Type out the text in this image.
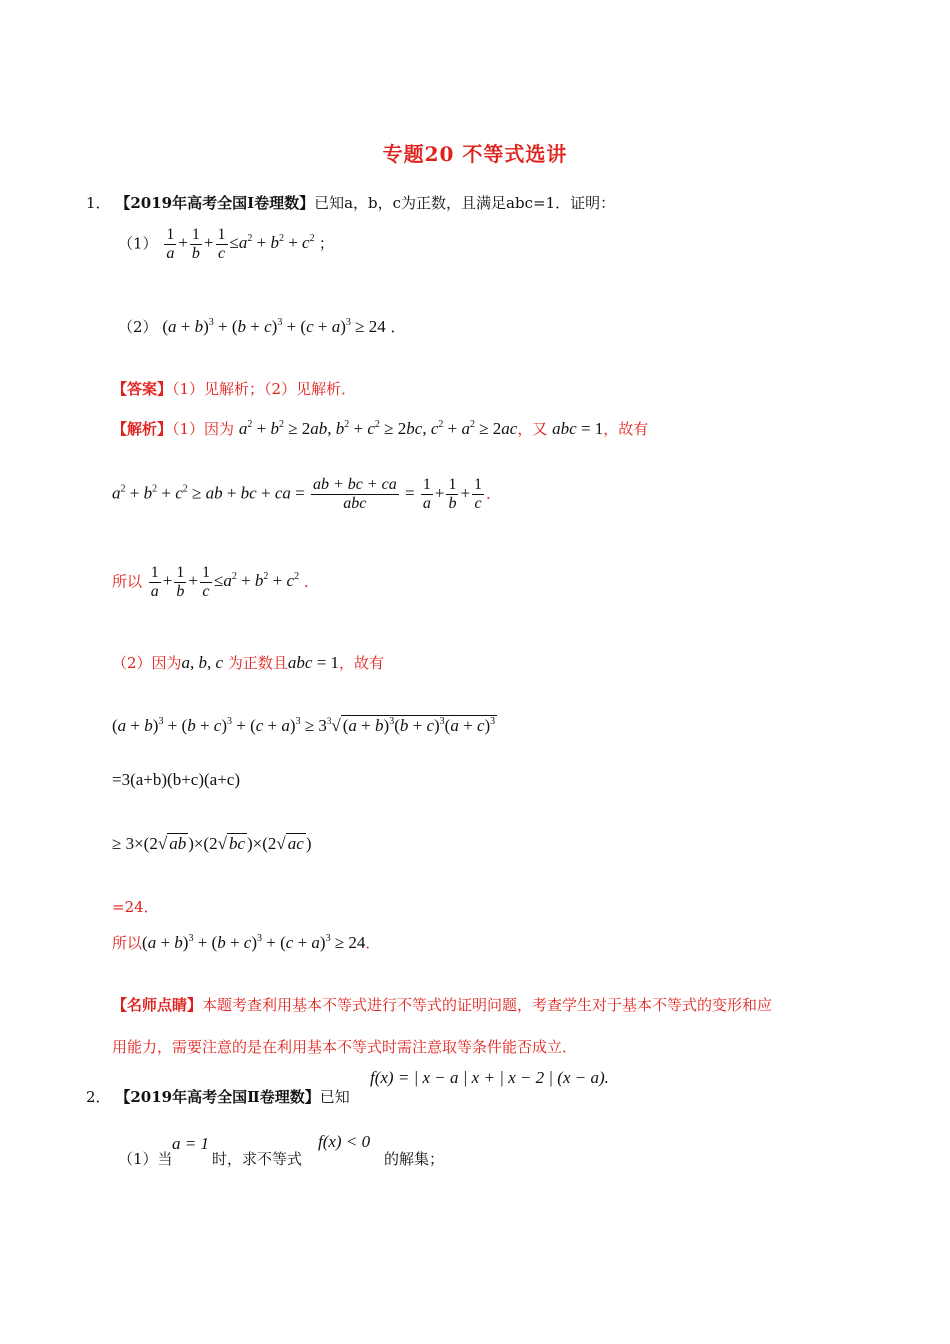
专题20 不等式选讲
1． 【2019年高考全国Ⅰ卷理数】已知a，b，c为正数，且满足abc=1．证明：
$(1) \frac{1}{a} + \frac{1}{b} + \frac{1}{c} \le a^2 + b^2 + c^2$ ；
（2） $(a + b)^3 + (b + c)^3 + (c + a)^3 \ge 24$ ．
【答案】（1）见解析；（2）见解析．
【解析】（1）因为 $a^2 + b^2 \ge 2ab$, $b^2 + c^2 \ge 2bc$, $c^2 + a^2 \ge 2ac$，又 abc = 1，故有
$a^2 + b^2 + c^2$ ≥ ab + bc + ca = $\frac{ab + bc + ca}{\text{abc}} = \frac{1}{a} + \frac{1}{b} + \frac{1}{c}$ ．
所以 $\frac{1}{a} + \frac{1}{b} + \frac{1}{c} \le a^2 + b^2 + c^2$ ．
（2）因为a, b, c 为正数且abc = 1，故有
$(a + b)^3 + (b + c)^3 + (c + a)^3 \ge 3^3√$ $(a + b)^3(b + c)^3(a + c)^3$
=3(a+b)(b+c)(a+c)
≥ 3×(2√ ab )×(2√ bc )×(2√ ac )
=24．
所以$(a + b)^3 + (b + c)^3 + (c + a)^3 \ge 24$．
【名师点睛】本题考查利用基本不等式进行不等式的证明问题，考查学生对于基本不等式的变形和应
用能力，需要注意的是在利用基本不等式时需注意取等条件能否成立．
2． 【2019年高考全国Ⅱ卷理数】已知
f(x) = | x − a | x + | x − 2 | (x − a).
（1）当
a = 1
时，求不等式
f(x) < 0
的解集；
